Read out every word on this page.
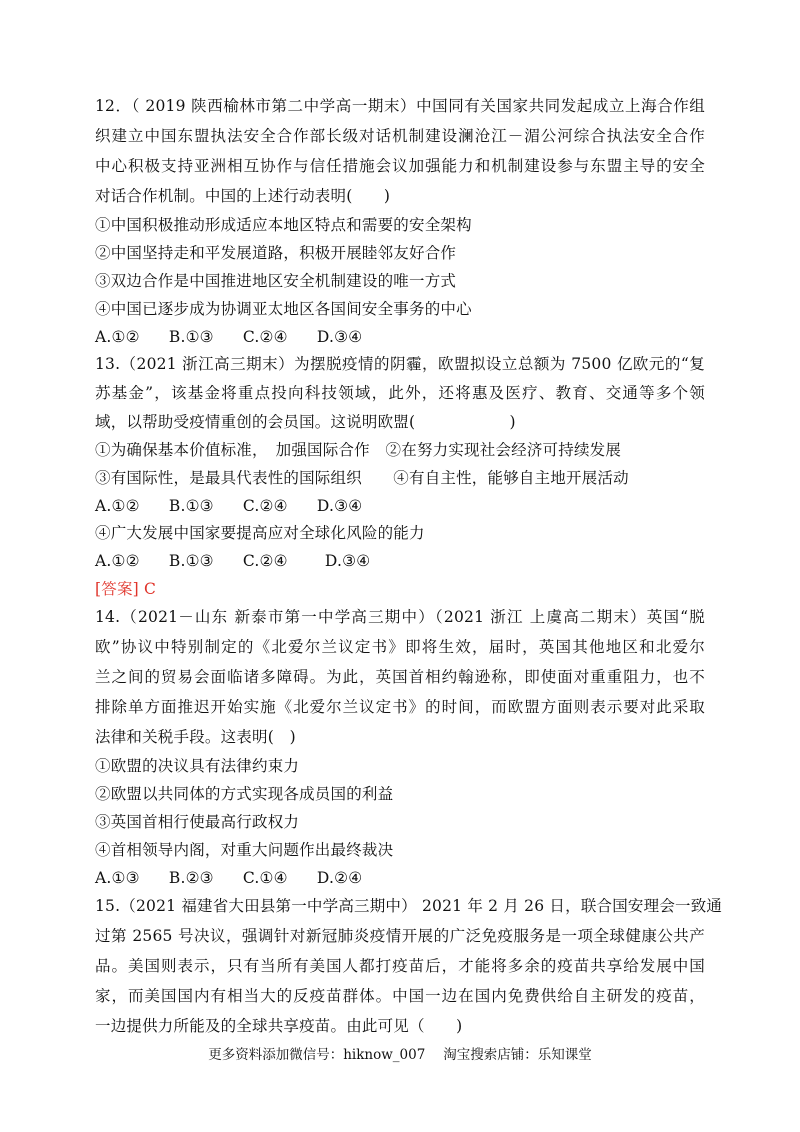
12．（ 2019 陕西榆林市第二中学高一期末）中国同有关国家共同发起成立上海合作组
织建立中国东盟执法安全合作部长级对话机制建设澜沧江－湄公河综合执法安全合作
中心积极支持亚洲相互协作与信任措施会议加强能力和机制建设参与东盟主导的安全
对话合作机制。中国的上述行动表明(　　)
①中国积极推动形成适应本地区特点和需要的安全架构
②中国坚持走和平发展道路，积极开展睦邻友好合作
③双边合作是中国推进地区安全机制建设的唯一方式
④中国已逐步成为协调亚太地区各国间安全事务的中心
A.①② B.①③ C.②④ D.③④
13.（2021 浙江高三期末）为摆脱疫情的阴霾，欧盟拟设立总额为 7500 亿欧元的“复
苏基金”，该基金将重点投向科技领域，此外，还将惠及医疗、教育、交通等多个领
域，以帮助受疫情重创的会员国。这说明欧盟(　　　　　　)
①为确保基本价值标准，　加强国际合作　②在努力实现社会经济可持续发展
③有国际性，是最具代表性的国际组织　　④有自主性，能够自主地开展活动
A.①② B.①③ C.②④ D.③④
④广大发展中国家要提高应对全球化风险的能力
A.①② B.①③ C.②④ D.③④
[答案] C
14.（2021－山东 新泰市第一中学高三期中）（2021 浙江 上虞高二期末）英国“脱
欧”协议中特别制定的《北爱尔兰议定书》即将生效，届时，英国其他地区和北爱尔
兰之间的贸易会面临诸多障碍。为此，英国首相约翰逊称，即使面对重重阻力，也不
排除单方面推迟开始实施《北爱尔兰议定书》的时间，而欧盟方面则表示要对此采取
法律和关税手段。这表明(　)
①欧盟的决议具有法律约束力
②欧盟以共同体的方式实现各成员国的利益
③英国首相行使最高行政权力
④首相领导内阁，对重大问题作出最终裁决
A.①③ B.②③ C.①④ D.②④
15.（2021 福建省大田县第一中学高三期中） 2021 年 2 月 26 日，联合国安理会一致通
过第 2565 号决议，强调针对新冠肺炎疫情开展的广泛免疫服务是一项全球健康公共产
品。美国则表示，只有当所有美国人都打疫苗后，才能将多余的疫苗共享给发展中国
家，而美国国内有相当大的反疫苗群体。中国一边在国内免费供给自主研发的疫苗，
一边提供力所能及的全球共享疫苗。由此可见（　　)
更多资料添加微信号：hiknow_007 淘宝搜索店铺：乐知课堂
